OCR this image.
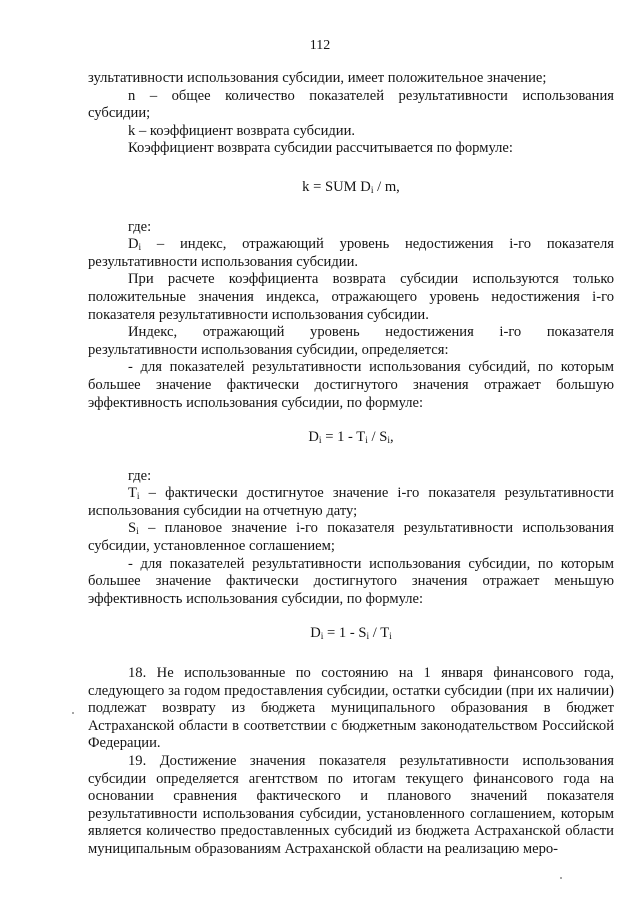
112

зультативности использования субсидии, имеет положительное значение;

n – общее количество показателей результативности использования субсидии;

k – коэффициент возврата субсидии.

Коэффициент возврата субсидии рассчитывается по формуле:

k = SUM $D_i$ / m,

где:

$D_i$ – индекс, отражающий уровень недостижения i-го показателя результативности использования субсидии.

При расчете коэффициента возврата субсидии используются только положительные значения индекса, отражающего уровень недостижения i-го показателя результативности использования субсидии.

Индекс, отражающий уровень недостижения i-го показателя результативности использования субсидии, определяется:

- для показателей результативности использования субсидий, по которым большее значение фактически достигнутого значения отражает большую эффективность использования субсидии, по формуле:

$D_i = 1 - T_i / S_i$,

где:

$T_i$ – фактически достигнутое значение i-го показателя результативности использования субсидии на отчетную дату;

$S_i$ – плановое значение i-го показателя результативности использования субсидии, установленное соглашением;

- для показателей результативности использования субсидии, по которым большее значение фактически достигнутого значения отражает меньшую эффективность использования субсидии, по формуле:

$D_i = 1 - S_i / T_i$

18. Не использованные по состоянию на 1 января финансового года, следующего за годом предоставления субсидии, остатки субсидии (при их наличии) подлежат возврату из бюджета муниципального образования в бюджет Астраханской области в соответствии с бюджетным законодательством Российской Федерации.

19. Достижение значения показателя результативности использования субсидии определяется агентством по итогам текущего финансового года на основании сравнения фактического и планового значений показателя результативности использования субсидии, установленного соглашением, которым является количество предоставленных субсидий из бюджета Астраханской области муниципальным образованиям Астраханской области на реализацию меро-
